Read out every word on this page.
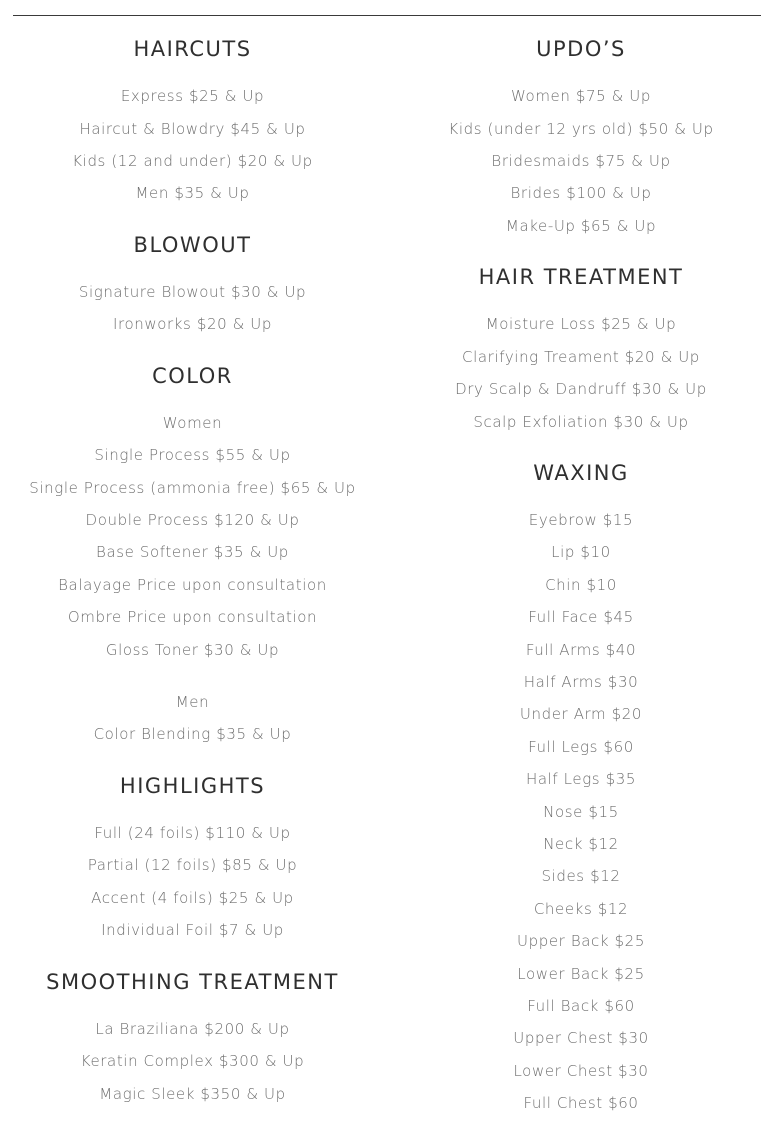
HAIRCUTS

Express $25 & Up

Haircut & Blowdry $45 & Up

Kids (12 and under) $20 & Up

Men $35 & Up

BLOWOUT

Signature Blowout $30 & Up

Ironworks $20 & Up

COLOR

Women

Single Process $55 & Up

Single Process (ammonia free) $65 & Up

Double Process $120 & Up

Base Softener $35 & Up

Balayage Price upon consultation

Ombre Price upon consultation

Gloss Toner $30 & Up

Men

Color Blending $35 & Up

HIGHLIGHTS

Full (24 foils) $110 & Up

Partial (12 foils) $85 & Up

Accent (4 foils) $25 & Up

Individual Foil $7 & Up

SMOOTHING TREATMENT

La Braziliana $200 & Up

Keratin Complex $300 & Up

Magic Sleek $350 & Up

UPDO’S

Women $75 & Up

Kids (under 12 yrs old) $50 & Up

Bridesmaids $75 & Up

Brides $100 & Up

Make-Up $65 & Up

HAIR TREATMENT

Moisture Loss $25 & Up

Clarifying Treament $20 & Up

Dry Scalp & Dandruff $30 & Up

Scalp Exfoliation $30 & Up

WAXING

Eyebrow $15

Lip $10

Chin $10

Full Face $45

Full Arms $40

Half Arms $30

Under Arm $20

Full Legs $60

Half Legs $35

Nose $15

Neck $12

Sides $12

Cheeks $12

Upper Back $25

Lower Back $25

Full Back $60

Upper Chest $30

Lower Chest $30

Full Chest $60
